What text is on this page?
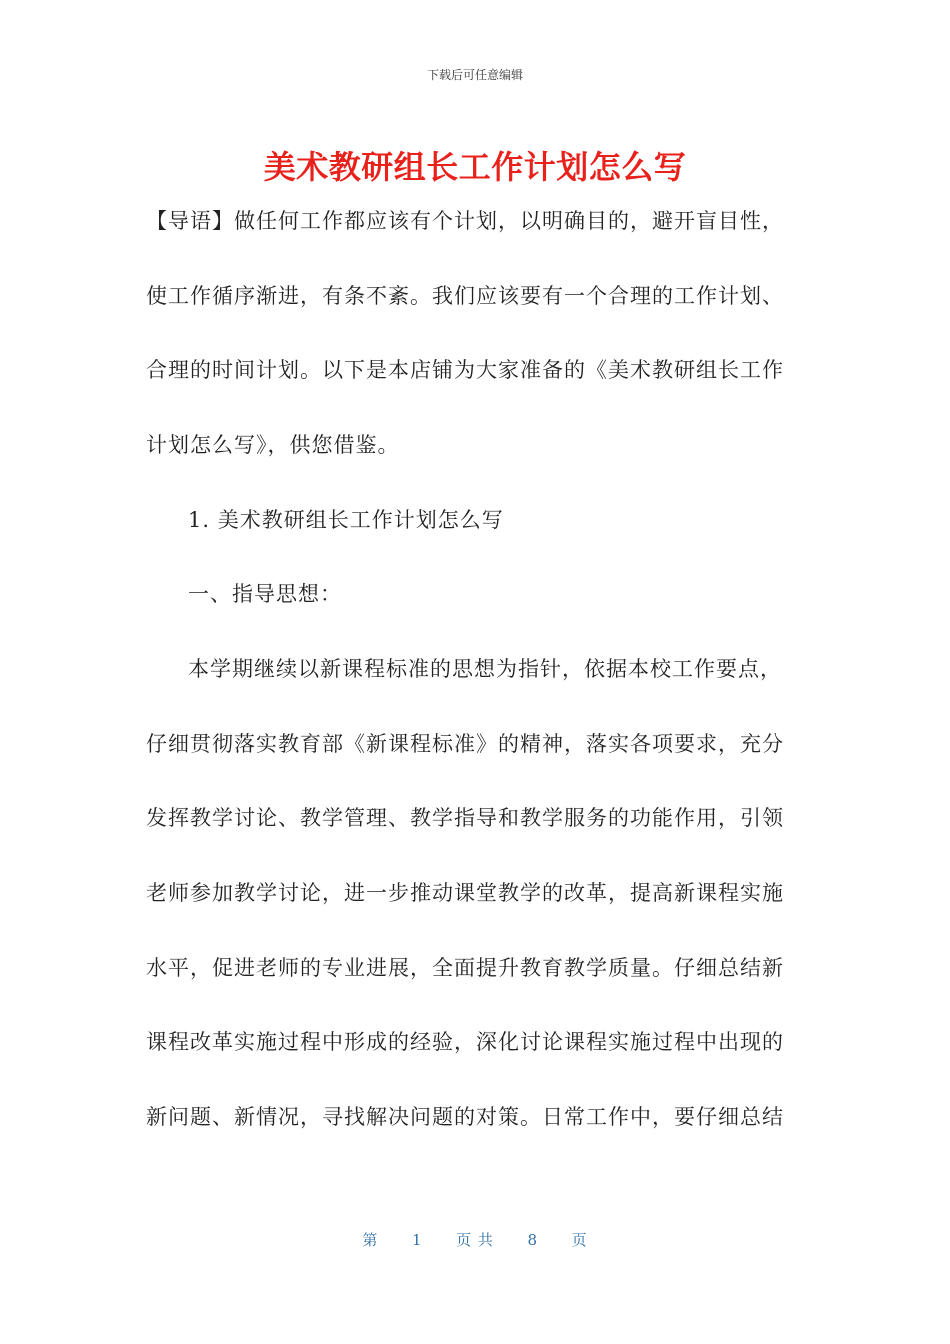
下载后可任意编辑
美术教研组长工作计划怎么写
【导语】做任何工作都应该有个计划，以明确目的，避开盲目性，
使工作循序渐进，有条不紊。我们应该要有一个合理的工作计划、
合理的时间计划。以下是本店铺为大家准备的《美术教研组长工作
计划怎么写》，供您借鉴。
1. 美术教研组长工作计划怎么写
一、指导思想：
本学期继续以新课程标准的思想为指针，依据本校工作要点，
仔细贯彻落实教育部《新课程标准》的精神，落实各项要求，充分
发挥教学讨论、教学管理、教学指导和教学服务的功能作用，引领
老师参加教学讨论，进一步推动课堂教学的改革，提高新课程实施
水平，促进老师的专业进展，全面提升教育教学质量。仔细总结新
课程改革实施过程中形成的经验，深化讨论课程实施过程中出现的
新问题、新情况，寻找解决问题的对策。日常工作中，要仔细总结
第 1 页 共 8 页
